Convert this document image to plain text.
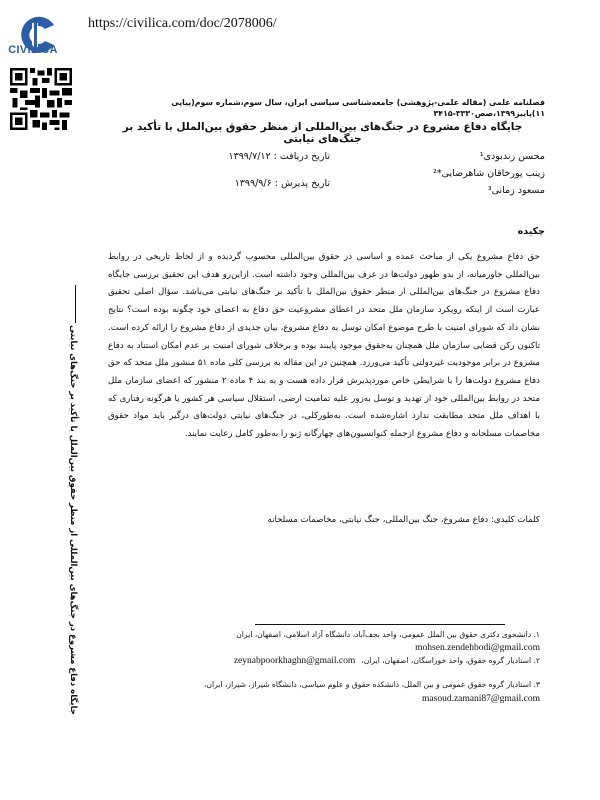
CIVILICA
https://civilica.com/doc/2078006/
فصلنامه علمی (مقاله علمی-پژوهشی) جامعه‌شناسی سیاسی ایران، سال سوم،شماره سوم(پیاپی ۱۱)پاییز۱۳۹۹،صص۳۳۳۰-۳۴۱۵
جایگاه دفاع مشروع در جنگ‌های بین‌المللی از منظر حقوق بین‌الملل با تأکید بر جنگ‌های نیابتی
محسن زندبودی¹
زینب پورخاقان شاهرضایی*²
مسعود زمانی³
تاریخ دریافت : ۱۳۹۹/۷/۱۲
تاریخ پذیرش : ۱۳۹۹/۹/۶
چکیده
حق دفاع مشروع یکی از مباحث عمده و اساسی در حقوق بین‌المللی محسوب گردیده و از لحاظ تاریخی در روابط بین‌المللی خاورمیانه، از بدو ظهور دولت‌ها در عرف بین‌المللی وجود داشته است. ازاین‌رو هدف این تحقیق بررسی جایگاه دفاع مشروع در جنگ‌های بین‌المللی از منظر حقوق بین‌الملل با تأکید بر جنگ‌های نیابتی می‌باشد. سؤال اصلی تحقیق عبارت است از اینکه رویکرد سازمان ملل متحد در اعطای مشروعیت حق دفاع به اعضای خود چگونه بوده است؟ نتایج نشان داد که شورای امنیت با طرح موضوع امکان توسل به دفاع مشروع، بیان جدیدی از دفاع مشروع را ارائه کرده است. تاکنون رکن قضایی سازمان ملل همچنان به‌حقوق موجود پایبند بوده و برخلاف شورای امنیت بر عدم امکان استناد به دفاع مشروع در برابر موجودیت غیردولتی تأکید می‌ورزد. همچنین در این مقاله به بررسی کلی ماده ۵۱ منشور ملل متحد که حق دفاع مشروع دولت‌ها را با شرایطی خاص موردپذیرش قرار داده هست و به بند ۴ ماده ۲ منشور که اعضای سازمان ملل متحد در روابط بین‌المللی خود از تهدید و توسل به‌زور علیه تمامیت ارضی، استقلال سیاسی هر کشور یا هرگونه رفتاری که با اهداف ملل متحد مطابقت ندارد اشاره‌شده است. به‌طورکلی، در جنگ‌های نیابتی دولت‌های درگیر باید مواد حقوق مخاصمات مسلحانه و دفاع مشروع ازجمله کنوانسیون‌های چهارگانه ژنو را به‌طور کامل رعایت نمایند.
کلمات کلیدی: دفاع مشروع، جنگ بین‌المللی، جنگ نیابتی، مخاصمات مسلحانه
۱. دانشجوی دکتری حقوق بین الملل عمومی، واحد نجف‌آباد، دانشگاه آزاد اسلامی، اصفهان، ایران
mohsen.zendehbodi@gmail.com
۲. استادیار گروه حقوق، واحد خوراسگان، اصفهان، ایران،
zeynabpoorkhaghn@gmail.com
۳. استادیار گروه حقوق عمومی و بین الملل، دانشکده حقوق و علوم سیاسی، دانشگاه شیراز، شیراز، ایران،
masoud.zamani87@gmail.com
جایگاه دفاع مشروع در جنگ‌های بین‌المللی از منظر حقوق بین‌الملل با تأکید بر جنگ‌های نیابتی
